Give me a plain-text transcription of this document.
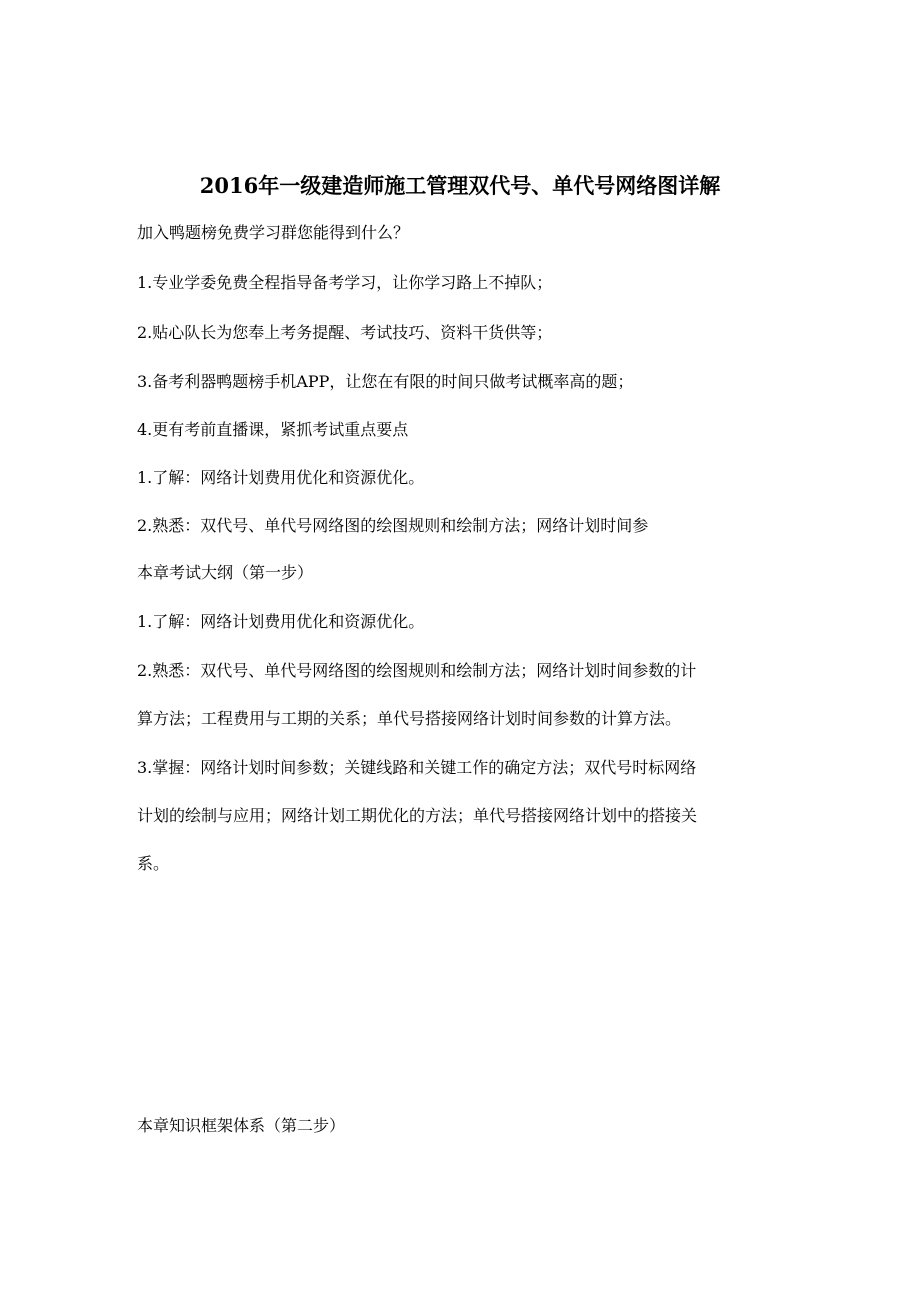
2016年一级建造师施工管理双代号、单代号网络图详解
加入鸭题榜免费学习群您能得到什么？
1.专业学委免费全程指导备考学习，让你学习路上不掉队；
2.贴心队长为您奉上考务提醒、考试技巧、资料干货供等；
3.备考利器鸭题榜手机APP，让您在有限的时间只做考试概率高的题；
4.更有考前直播课，紧抓考试重点要点
1.了解：网络计划费用优化和资源优化。
2.熟悉：双代号、单代号网络图的绘图规则和绘制方法；网络计划时间参
本章考试大纲（第一步）
1.了解：网络计划费用优化和资源优化。
2.熟悉：双代号、单代号网络图的绘图规则和绘制方法；网络计划时间参数的计
算方法；工程费用与工期的关系；单代号搭接网络计划时间参数的计算方法。
3.掌握：网络计划时间参数；关键线路和关键工作的确定方法；双代号时标网络
计划的绘制与应用；网络计划工期优化的方法；单代号搭接网络计划中的搭接关
系。
本章知识框架体系（第二步）
